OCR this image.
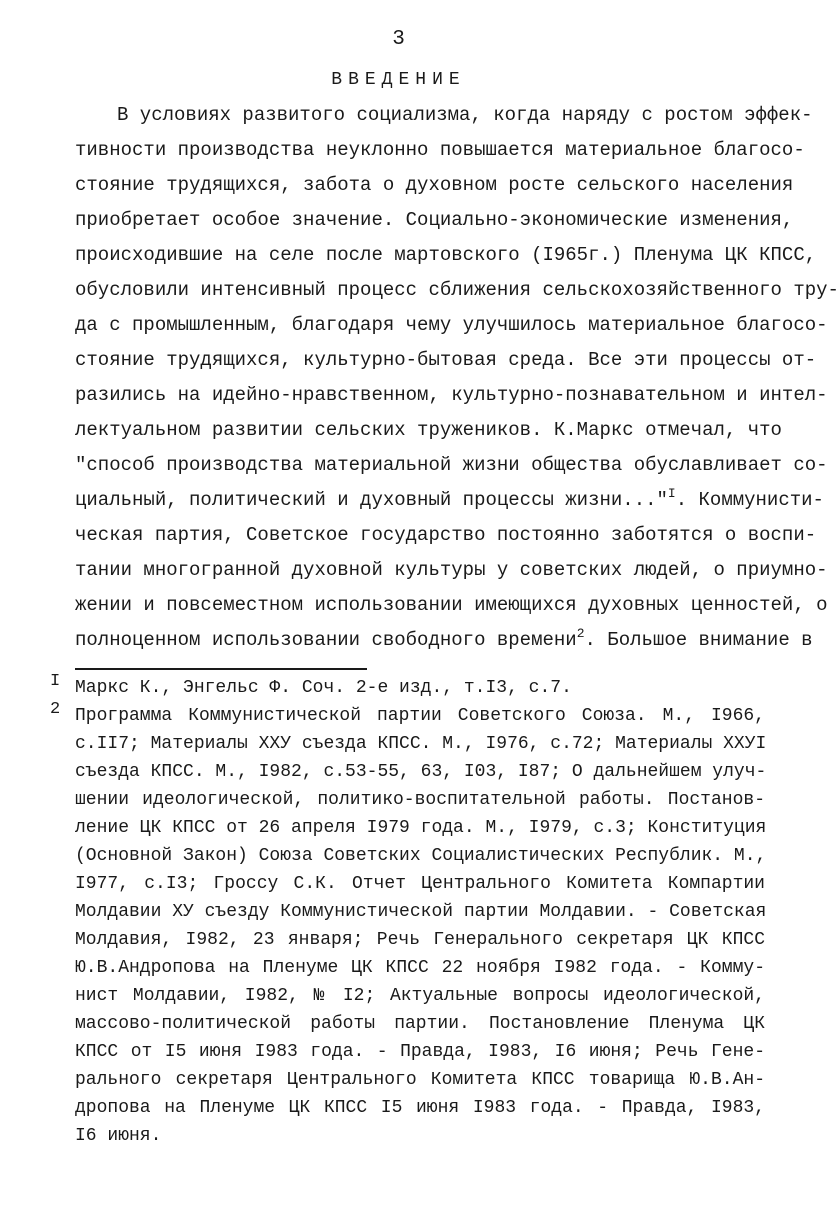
3
ВВЕДЕНИЕ
В условиях развитого социализма, когда наряду с ростом эффек-
тивности производства неуклонно повышается материальное благосо-
стояние трудящихся, забота о духовном росте сельского населения
приобретает особое значение. Социально-экономические изменения,
происходившие на селе после мартовского (I965г.) Пленума ЦК КПСС,
обусловили интенсивный процесс сближения сельскохозяйственного тру-
да с промышленным, благодаря чему улучшилось материальное благосо-
стояние трудящихся, культурно-бытовая среда. Все эти процессы от-
разились на идейно-нравственном, культурно-познавательном и интел-
лектуальном развитии сельских тружеников. К.Маркс отмечал, что
"способ производства материальной жизни общества обуславливает со-
циальный, политический и духовный процессы жизни..."$^I$. Коммунисти-
ческая партия, Советское государство постоянно заботятся о воспи-
тании многогранной духовной культуры у советских людей, о приумно-
жении и повсеместном использовании имеющихся духовных ценностей, о
полноценном использовании свободного времени$^2$. Большое внимание в
I Маркс К., Энгельс Ф. Соч. 2-е изд., т.I3, с.7.
2 Программа Коммунистической партии Советского Союза. М., I966,
с.II7; Материалы ХХУ съезда КПСС. М., I976, с.72; Материалы ХХУI
съезда КПСС. М., I982, с.53-55, 63, I03, I87; О дальнейшем улуч-
шении идеологической, политико-воспитательной работы. Постанов-
ление ЦК КПСС от 26 апреля I979 года. М., I979, с.3; Конституция
(Основной Закон) Союза Советских Социалистических Республик. М.,
I977, с.I3; Гроссу С.К. Отчет Центрального Комитета Компартии
Молдавии ХУ съезду Коммунистической партии Молдавии. - Советская
Молдавия, I982, 23 января; Речь Генерального секретаря ЦК КПСС
Ю.В.Андропова на Пленуме ЦК КПСС 22 ноября I982 года. - Комму-
нист Молдавии, I982, № I2; Актуальные вопросы идеологической,
массово-политической работы партии. Постановление Пленума ЦК
КПСС от I5 июня I983 года. - Правда, I983, I6 июня; Речь Гене-
рального секретаря Центрального Комитета КПСС товарища Ю.В.Ан-
дропова на Пленуме ЦК КПСС I5 июня I983 года. - Правда, I983,
I6 июня.
